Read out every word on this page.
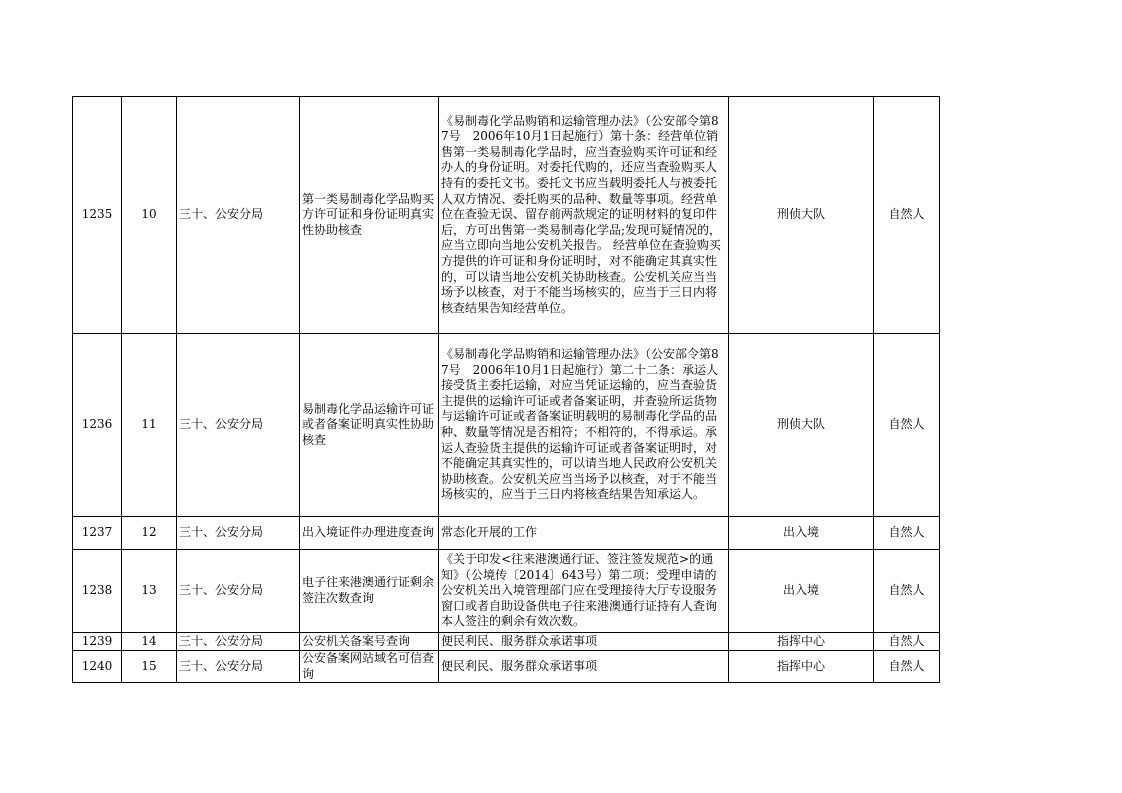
1235	10	三十、公安分局	第一类易制毒化学品购买方许可证和身份证明真实性协助核查	《易制毒化学品购销和运输管理办法》（公安部令第87号　2006年10月1日起施行）第十条：经营单位销售第一类易制毒化学品时，应当查验购买许可证和经办人的身份证明。对委托代购的，还应当查验购买人持有的委托文书。委托文书应当载明委托人与被委托人双方情况、委托购买的品种、数量等事项。经营单位在查验无误、留存前两款规定的证明材料的复印件后，方可出售第一类易制毒化学品;发现可疑情况的，应当立即向当地公安机关报告。 经营单位在查验购买方提供的许可证和身份证明时，对不能确定其真实性的，可以请当地公安机关协助核查。公安机关应当当场予以核查，对于不能当场核实的，应当于三日内将核查结果告知经营单位。	刑侦大队	自然人
1236	11	三十、公安分局	易制毒化学品运输许可证或者备案证明真实性协助核查	《易制毒化学品购销和运输管理办法》（公安部令第87号　2006年10月1日起施行）第二十二条：承运人接受货主委托运输，对应当凭证运输的，应当查验货主提供的运输许可证或者备案证明，并查验所运货物与运输许可证或者备案证明载明的易制毒化学品的品种、数量等情况是否相符；不相符的，不得承运。承运人查验货主提供的运输许可证或者备案证明时，对不能确定其真实性的，可以请当地人民政府公安机关协助核查。公安机关应当当场予以核查，对于不能当场核实的，应当于三日内将核查结果告知承运人。	刑侦大队	自然人
1237	12	三十、公安分局	出入境证件办理进度查询	常态化开展的工作	出入境	自然人
1238	13	三十、公安分局	电子往来港澳通行证剩余签注次数查询	《关于印发<往来港澳通行证、签注签发规范>的通知》（公境传〔2014〕643号）第二项：受理申请的公安机关出入境管理部门应在受理接待大厅专设服务窗口或者自助设备供电子往来港澳通行证持有人查询本人签注的剩余有效次数。	出入境	自然人
1239	14	三十、公安分局	公安机关备案号查询	便民利民、服务群众承诺事项	指挥中心	自然人
1240	15	三十、公安分局	公安备案网站域名可信查询	便民利民、服务群众承诺事项	指挥中心	自然人
